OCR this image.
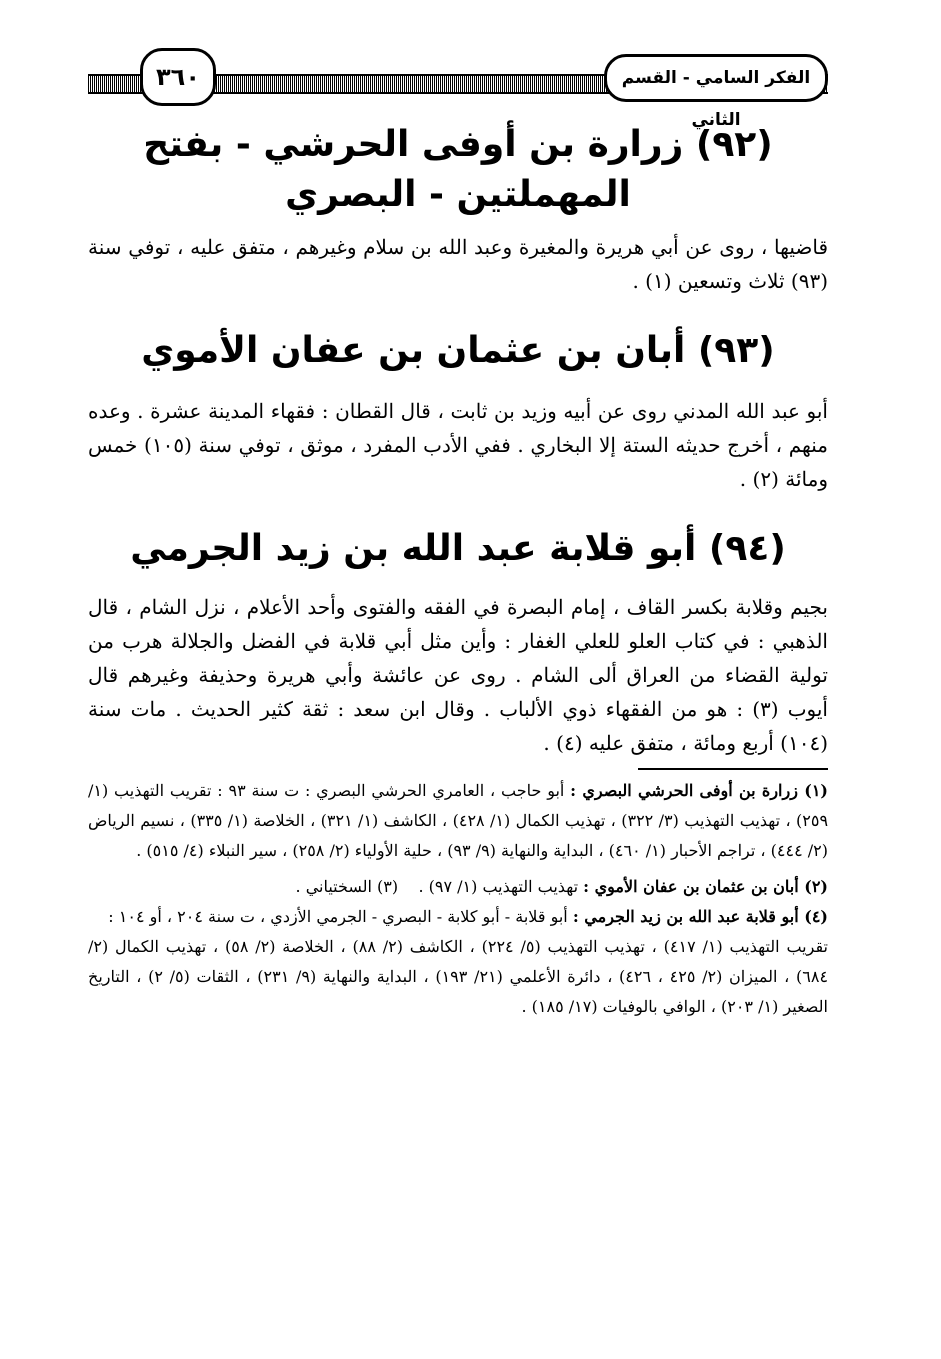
الفكر السامي - القسم الثاني
٣٦٠
(٩٢) زرارة بن أوفى الحرشي - بفتح المهملتين - البصري

قاضيها ، روى عن أبي هريرة والمغيرة وعبد الله بن سلام وغيرهم ، متفق عليه ، توفي سنة (٩٣) ثلاث وتسعين (١) .

(٩٣) أبان بن عثمان بن عفان الأموي

أبو عبد الله المدني روى عن أبيه وزيد بن ثابت ، قال القطان : فقهاء المدينة عشرة . وعده منهم ، أخرج حديثه الستة إلا البخاري . ففي الأدب المفرد ، موثق ، توفي سنة (١٠٥) خمس ومائة (٢) .

(٩٤) أبو قلابة عبد الله بن زيد الجرمي

بجيم وقلابة بكسر القاف ، إمام البصرة في الفقه والفتوى وأحد الأعلام ، نزل الشام ، قال الذهبي : في كتاب العلو للعلي الغفار : وأين مثل أبي قلابة في الفضل والجلالة هرب من تولية القضاء من العراق ألى الشام . روى عن عائشة وأبي هريرة وحذيفة وغيرهم قال أيوب (٣) : هو من الفقهاء ذوي الألباب . وقال ابن سعد : ثقة كثير الحديث . مات سنة (١٠٤) أربع ومائة ، متفق عليه (٤) .

(١) زرارة بن أوفى الحرشي البصري : أبو حاجب ، العامري الحرشي البصري : ت سنة ٩٣ : تقريب التهذيب (١/ ٢٥٩) ، تهذيب التهذيب (٣/ ٣٢٢) ، تهذيب الكمال (١/ ٤٢٨) ، الكاشف (١/ ٣٢١) ، الخلاصة (١/ ٣٣٥) ، نسيم الرياض (٢/ ٤٤٤) ، تراجم الأحبار (١/ ٤٦٠) ، البداية والنهاية (٩/ ٩٣) ، حلية الأولياء (٢/ ٢٥٨) ، سير النبلاء (٤/ ٥١٥) .

(٢) أبان بن عثمان بن عفان الأموي : تهذيب التهذيب (١/ ٩٧) .    (٣) السختياني .

(٤) أبو قلابة عبد الله بن زيد الجرمي : أبو قلابة - أبو كلابة - البصري - الجرمي الأزدي ، ت سنة ٢٠٤ ، أو ١٠٤ :

تقريب التهذيب (١/ ٤١٧) ، تهذيب التهذيب (٥/ ٢٢٤) ، الكاشف (٢/ ٨٨) ، الخلاصة (٢/ ٥٨) ، تهذيب الكمال (٢/ ٦٨٤) ، الميزان (٢/ ٤٢٥ ، ٤٢٦) ، دائرة الأعلمي (٢١/ ١٩٣) ، البداية والنهاية (٩/ ٢٣١) ، الثقات (٥/ ٢) ، التاريخ الصغير (١/ ٢٠٣) ، الوافي بالوفيات (١٧/ ١٨٥) .
